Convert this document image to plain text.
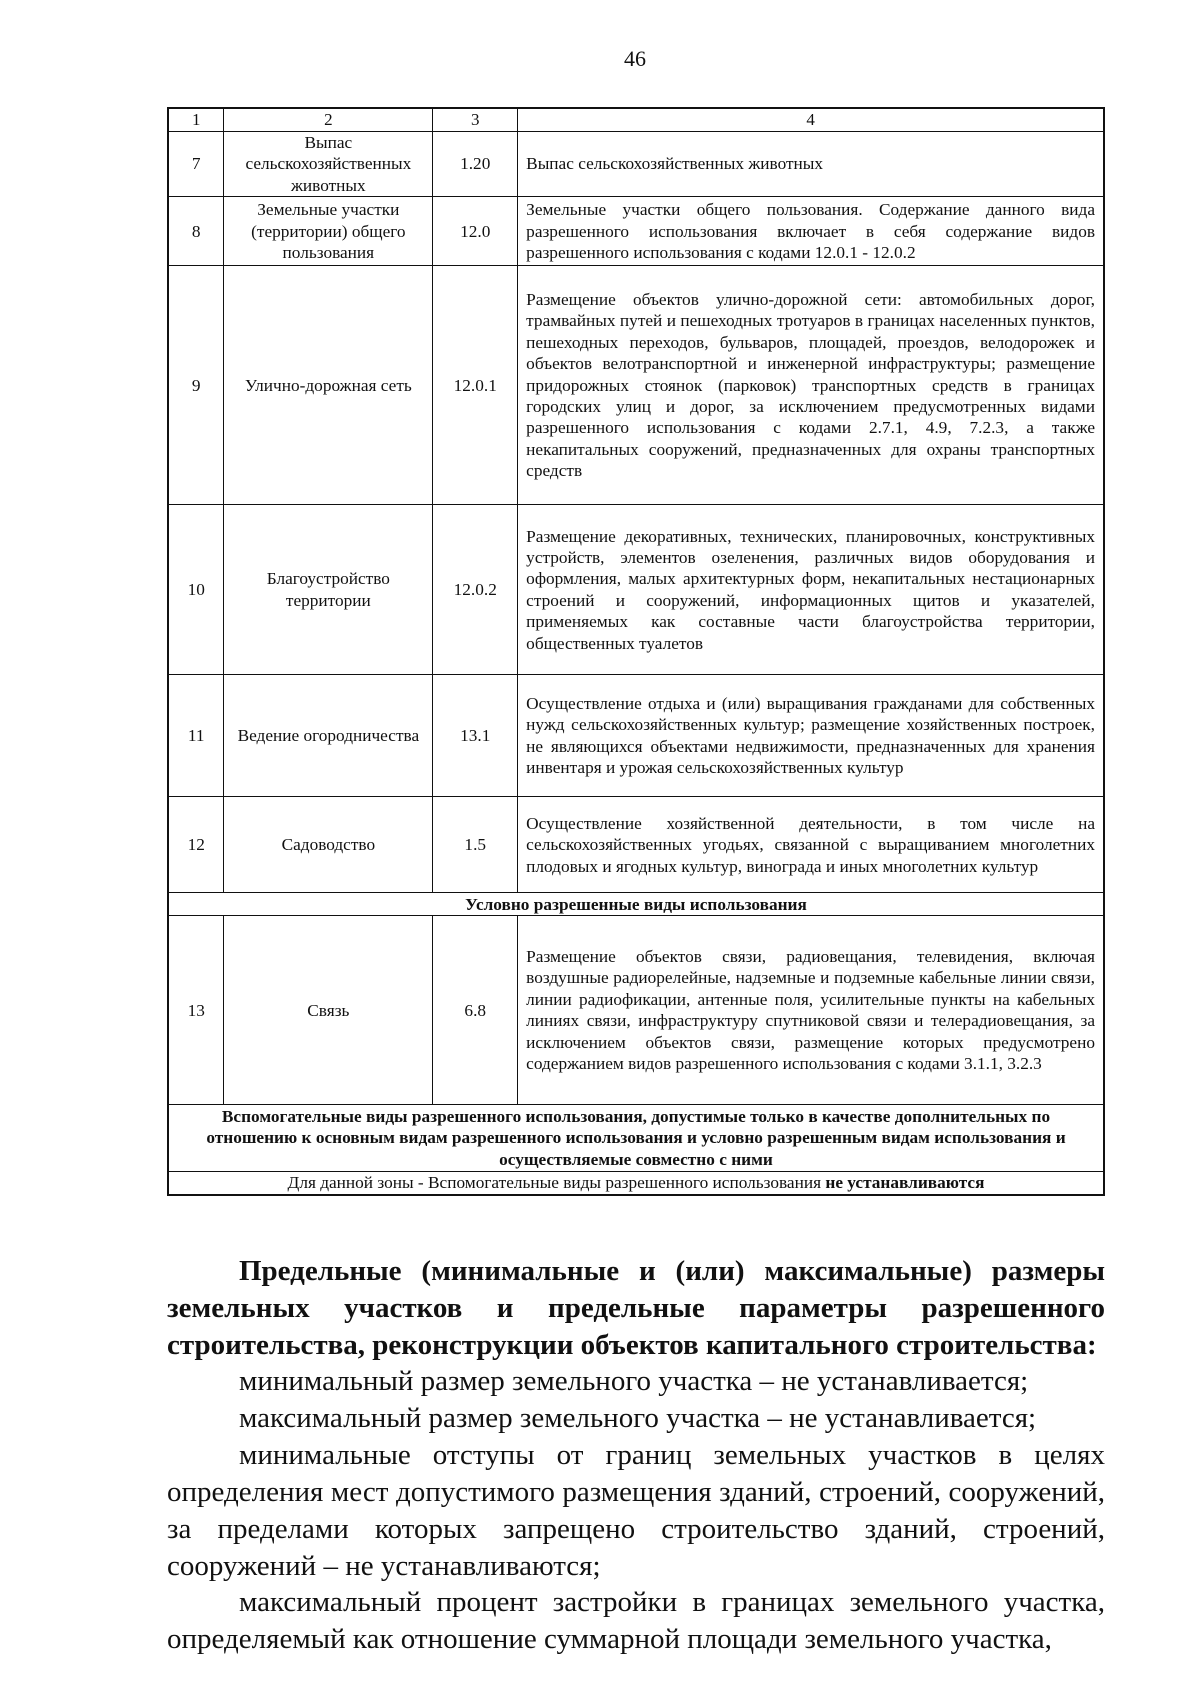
46
1	2	3	4
7	Выпас сельскохозяйственных животных	1.20	Выпас сельскохозяйственных животных
8	Земельные участки (территории) общего пользования	12.0	Земельные участки общего пользования. Содержание данного вида разрешенного использования включает в себя содержание видов разрешенного использования с кодами 12.0.1 - 12.0.2
9	Улично-дорожная сеть	12.0.1	Размещение объектов улично-дорожной сети: автомобильных дорог, трамвайных путей и пешеходных тротуаров в границах населенных пунктов, пешеходных переходов, бульваров, площадей, проездов, велодорожек и объектов велотранспортной и инженерной инфраструктуры; размещение придорожных стоянок (парковок) транспортных средств в границах городских улиц и дорог, за исключением предусмотренных видами разрешенного использования с кодами 2.7.1, 4.9, 7.2.3, а также некапитальных сооружений, предназначенных для охраны транспортных средств
10	Благоустройство территории	12.0.2	Размещение декоративных, технических, планировочных, конструктивных устройств, элементов озеленения, различных видов оборудования и оформления, малых архитектурных форм, некапитальных нестационарных строений и сооружений, информационных щитов и указателей, применяемых как составные части благоустройства территории, общественных туалетов
11	Ведение огородничества	13.1	Осуществление отдыха и (или) выращивания гражданами для собственных нужд сельскохозяйственных культур; размещение хозяйственных построек, не являющихся объектами недвижимости, предназначенных для хранения инвентаря и урожая сельскохозяйственных культур
12	Садоводство	1.5	Осуществление хозяйственной деятельности, в том числе на сельскохозяйственных угодьях, связанной с выращиванием многолетних плодовых и ягодных культур, винограда и иных многолетних культур
Условно разрешенные виды использования			
13	Связь	6.8	Размещение объектов связи, радиовещания, телевидения, включая воздушные радиорелейные, надземные и подземные кабельные линии связи, линии радиофикации, антенные поля, усилительные пункты на кабельных линиях связи, инфраструктуру спутниковой связи и телерадиовещания, за исключением объектов связи, размещение которых предусмотрено содержанием видов разрешенного использования с кодами 3.1.1, 3.2.3
Вспомогательные виды разрешенного использования, допустимые только в качестве дополнительных по отношению к основным видам разрешенного использования и условно разрешенным видам использования и осуществляемые совместно с ними			
Для данной зоны - Вспомогательные виды разрешенного использования не устанавливаются			

Предельные (минимальные и (или) максимальные) размеры земельных участков и предельные параметры разрешенного строительства, реконструкции объектов капитального строительства:

минимальный размер земельного участка – не устанавливается;

максимальный размер земельного участка – не устанавливается;

минимальные отступы от границ земельных участков в целях определения мест допустимого размещения зданий, строений, сооружений, за пределами которых запрещено строительство зданий, строений, сооружений – не устанавливаются;

максимальный процент застройки в границах земельного участка, определяемый как отношение суммарной площади земельного участка,
